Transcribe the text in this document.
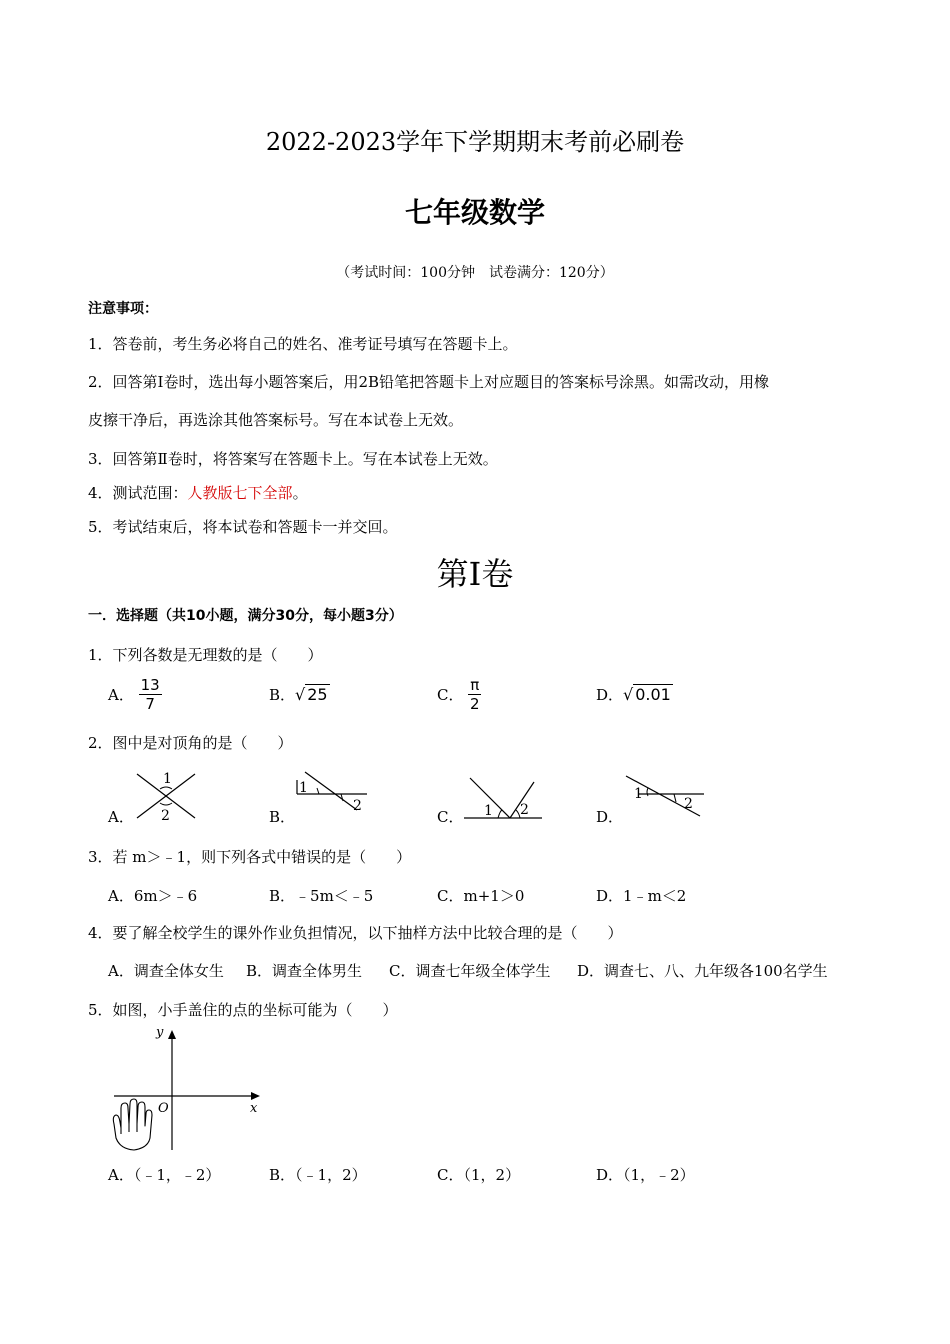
2022-2023学年下学期期末考前必刷卷
七年级数学
（考试时间：100分钟　试卷满分：120分）
注意事项：
1．答卷前，考生务必将自己的姓名、准考证号填写在答题卡上。
2．回答第Ⅰ卷时，选出每小题答案后，用2B铅笔把答题卡上对应题目的答案标号涂黑。如需改动，用橡
皮擦干净后，再选涂其他答案标号。写在本试卷上无效。
3．回答第Ⅱ卷时，将答案写在答题卡上。写在本试卷上无效。
4．测试范围：人教版七下全部。
5．考试结束后，将本试卷和答题卡一并交回。
第Ⅰ卷
一．选择题（共10小题，满分30分，每小题3分）
1．下列各数是无理数的是（　　）
A． $\frac{13}{7}$	B．√ 25	C． $\frac{\pi}{2}$	D．√ 0.01
2．图中是对顶角的是（　　）
A．
1
2	B．
1
2
C． 1 2	D．
1
2
3．若 m＞﹣1，则下列各式中错误的是（　　）
A．6m＞﹣6	B．﹣5m＜﹣5	C．m+1＞0	D．1﹣m＜2
4．要了解全校学生的课外作业负担情况，以下抽样方法中比较合理的是（　　）
A．调查全体女生 B．调查全体男生 C．调查七年级全体学生 D．调查七、八、九年级各100名学生
5．如图，小手盖住的点的坐标可能为（　　）
y
x
O
A．（﹣1，﹣2）	B．（﹣1，2）	C．（1，2）	D．（1，﹣2）
